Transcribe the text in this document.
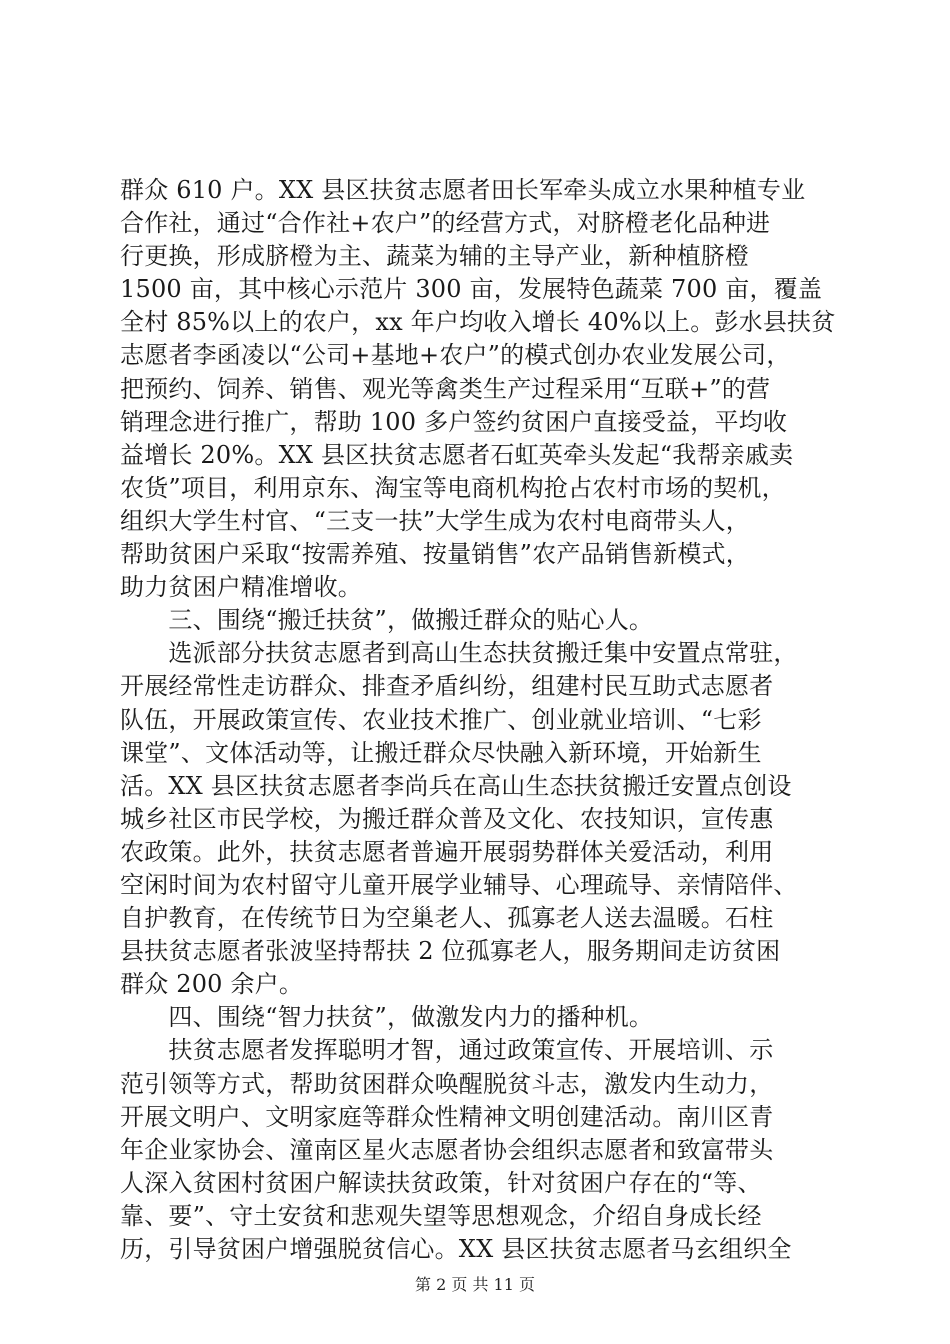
群众 610 户。XX 县区扶贫志愿者田长军牵头成立水果种植专业
合作社，通过“合作社+农户”的经营方式，对脐橙老化品种进
行更换，形成脐橙为主、蔬菜为辅的主导产业，新种植脐橙
1500 亩，其中核心示范片 300 亩，发展特色蔬菜 700 亩，覆盖
全村 85%以上的农户，xx 年户均收入增长 40%以上。彭水县扶贫
志愿者李函凌以“公司+基地+农户”的模式创办农业发展公司，
把预约、饲养、销售、观光等禽类生产过程采用“互联+”的营
销理念进行推广，帮助 100 多户签约贫困户直接受益，平均收
益增长 20%。XX 县区扶贫志愿者石虹英牵头发起“我帮亲戚卖
农货”项目，利用京东、淘宝等电商机构抢占农村市场的契机，
组织大学生村官、“三支一扶”大学生成为农村电商带头人，
帮助贫困户采取“按需养殖、按量销售”农产品销售新模式，
助力贫困户精准增收。
　　三、围绕“搬迁扶贫”，做搬迁群众的贴心人。
　　选派部分扶贫志愿者到高山生态扶贫搬迁集中安置点常驻，
开展经常性走访群众、排查矛盾纠纷，组建村民互助式志愿者
队伍，开展政策宣传、农业技术推广、创业就业培训、“七彩
课堂”、文体活动等，让搬迁群众尽快融入新环境，开始新生
活。XX 县区扶贫志愿者李尚兵在高山生态扶贫搬迁安置点创设
城乡社区市民学校，为搬迁群众普及文化、农技知识，宣传惠
农政策。此外，扶贫志愿者普遍开展弱势群体关爱活动，利用
空闲时间为农村留守儿童开展学业辅导、心理疏导、亲情陪伴、
自护教育，在传统节日为空巢老人、孤寡老人送去温暖。石柱
县扶贫志愿者张波坚持帮扶 2 位孤寡老人，服务期间走访贫困
群众 200 余户。
　　四、围绕“智力扶贫”，做激发内力的播种机。
　　扶贫志愿者发挥聪明才智，通过政策宣传、开展培训、示
范引领等方式，帮助贫困群众唤醒脱贫斗志，激发内生动力，
开展文明户、文明家庭等群众性精神文明创建活动。南川区青
年企业家协会、潼南区星火志愿者协会组织志愿者和致富带头
人深入贫困村贫困户解读扶贫政策，针对贫困户存在的“等、
靠、要”、守土安贫和悲观失望等思想观念，介绍自身成长经
历，引导贫困户增强脱贫信心。XX 县区扶贫志愿者马玄组织全
第 2 页 共 11 页
